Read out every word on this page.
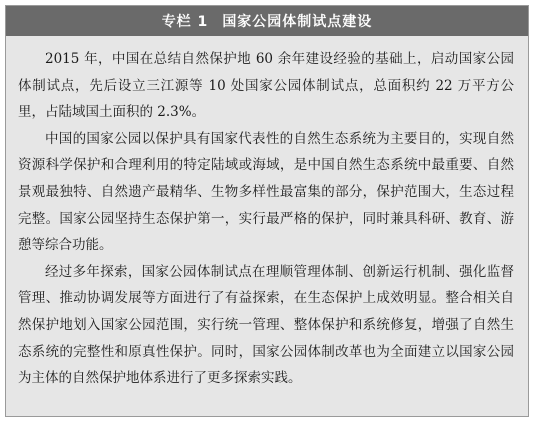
专栏 1 国家公园体制试点建设

2015 年，中国在总结自然保护地 60 余年建设经验的基础上，启动国家公园体制试点，先后设立三江源等 10 处国家公园体制试点，总面积约 22 万平方公里，占陆域国土面积的 2.3%。

中国的国家公园以保护具有国家代表性的自然生态系统为主要目的，实现自然资源科学保护和合理利用的特定陆域或海域，是中国自然生态系统中最重要、自然景观最独特、自然遗产最精华、生物多样性最富集的部分，保护范围大，生态过程完整。国家公园坚持生态保护第一，实行最严格的保护，同时兼具科研、教育、游憩等综合功能。

经过多年探索，国家公园体制试点在理顺管理体制、创新运行机制、强化监督管理、推动协调发展等方面进行了有益探索，在生态保护上成效明显。整合相关自然保护地划入国家公园范围，实行统一管理、整体保护和系统修复，增强了自然生态系统的完整性和原真性保护。同时，国家公园体制改革也为全面建立以国家公园为主体的自然保护地体系进行了更多探索实践。
